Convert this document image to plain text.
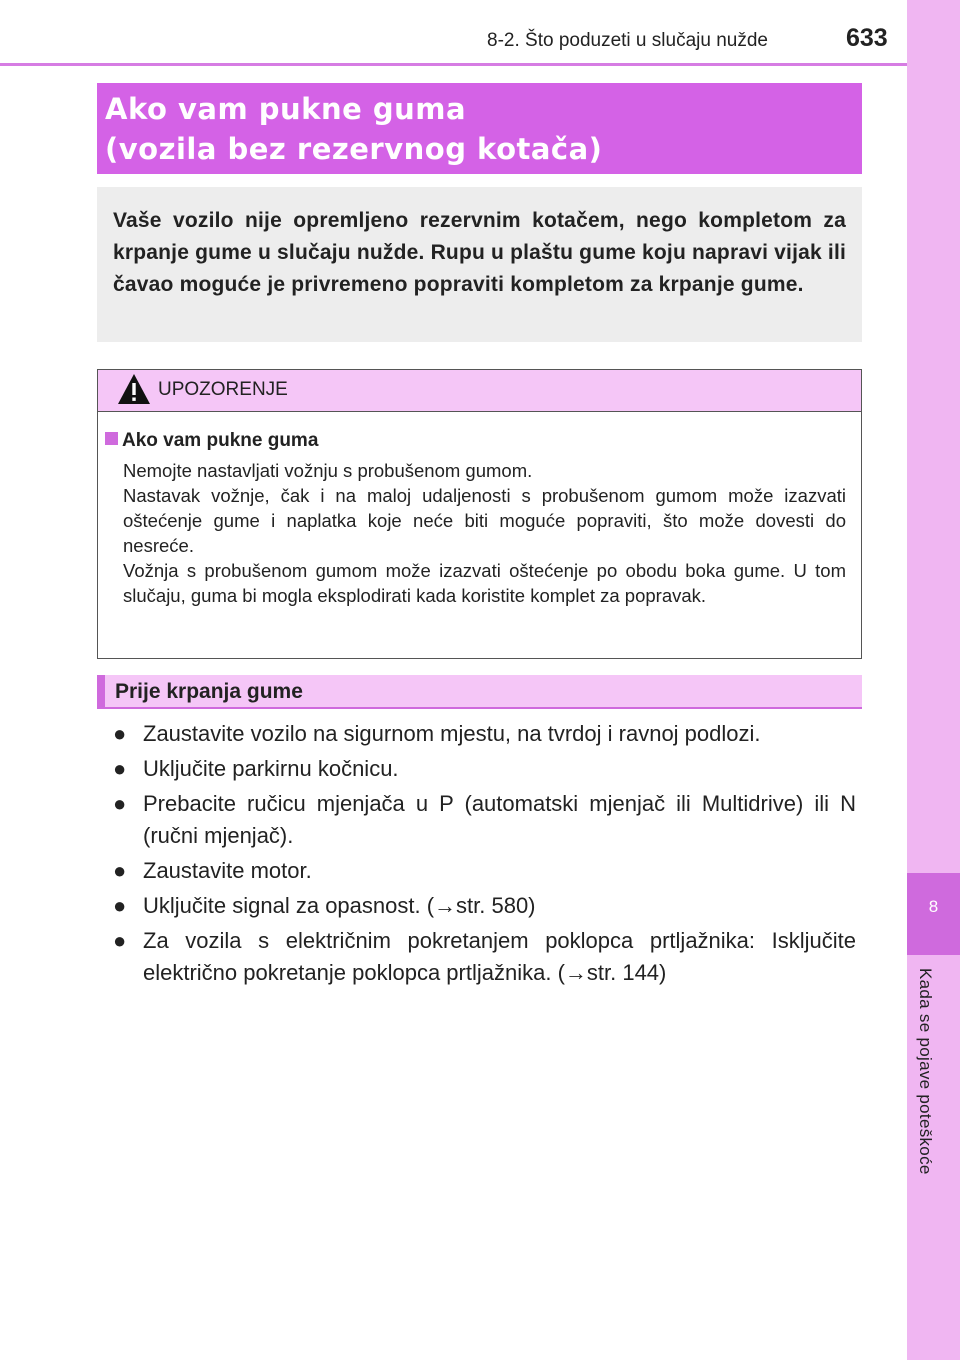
8-2. Što poduzeti u slučaju nužde	633
8
Kada se pojave poteškoće
Ako vam pukne guma
(vozila bez rezervnog kotača)

Vaše vozilo nije opremljeno rezervnim kotačem, nego kompletom za krpanje gume u slučaju nužde. Rupu u plaštu gume koju napravi vijak ili čavao moguće je privremeno popraviti kompletom za krpanje gume.

UPOZORENJE
Ako vam pukne guma

Nemojte nastavljati vožnju s probušenom gumom.

Nastavak vožnje, čak i na maloj udaljenosti s probušenom gumom može izazvati oštećenje gume i naplatka koje neće biti moguće popraviti, što može dovesti do nesreće.

Vožnja s probušenom gumom može izazvati oštećenje po obodu boka gume. U tom slučaju, guma bi mogla eksplodirati kada koristite komplet za popravak.

Prije krpanja gume
● Zaustavite vozilo na sigurnom mjestu, na tvrdoj i ravnoj podlozi.
● Uključite parkirnu kočnicu.
● Prebacite ručicu mjenjača u P (automatski mjenjač ili Multidrive) ili N (ručni mjenjač).
● Zaustavite motor.
● Uključite signal za opasnost. (→str. 580)
● Za vozila s električnim pokretanjem poklopca prtljažnika: Isključite električno pokretanje poklopca prtljažnika. (→str. 144)
